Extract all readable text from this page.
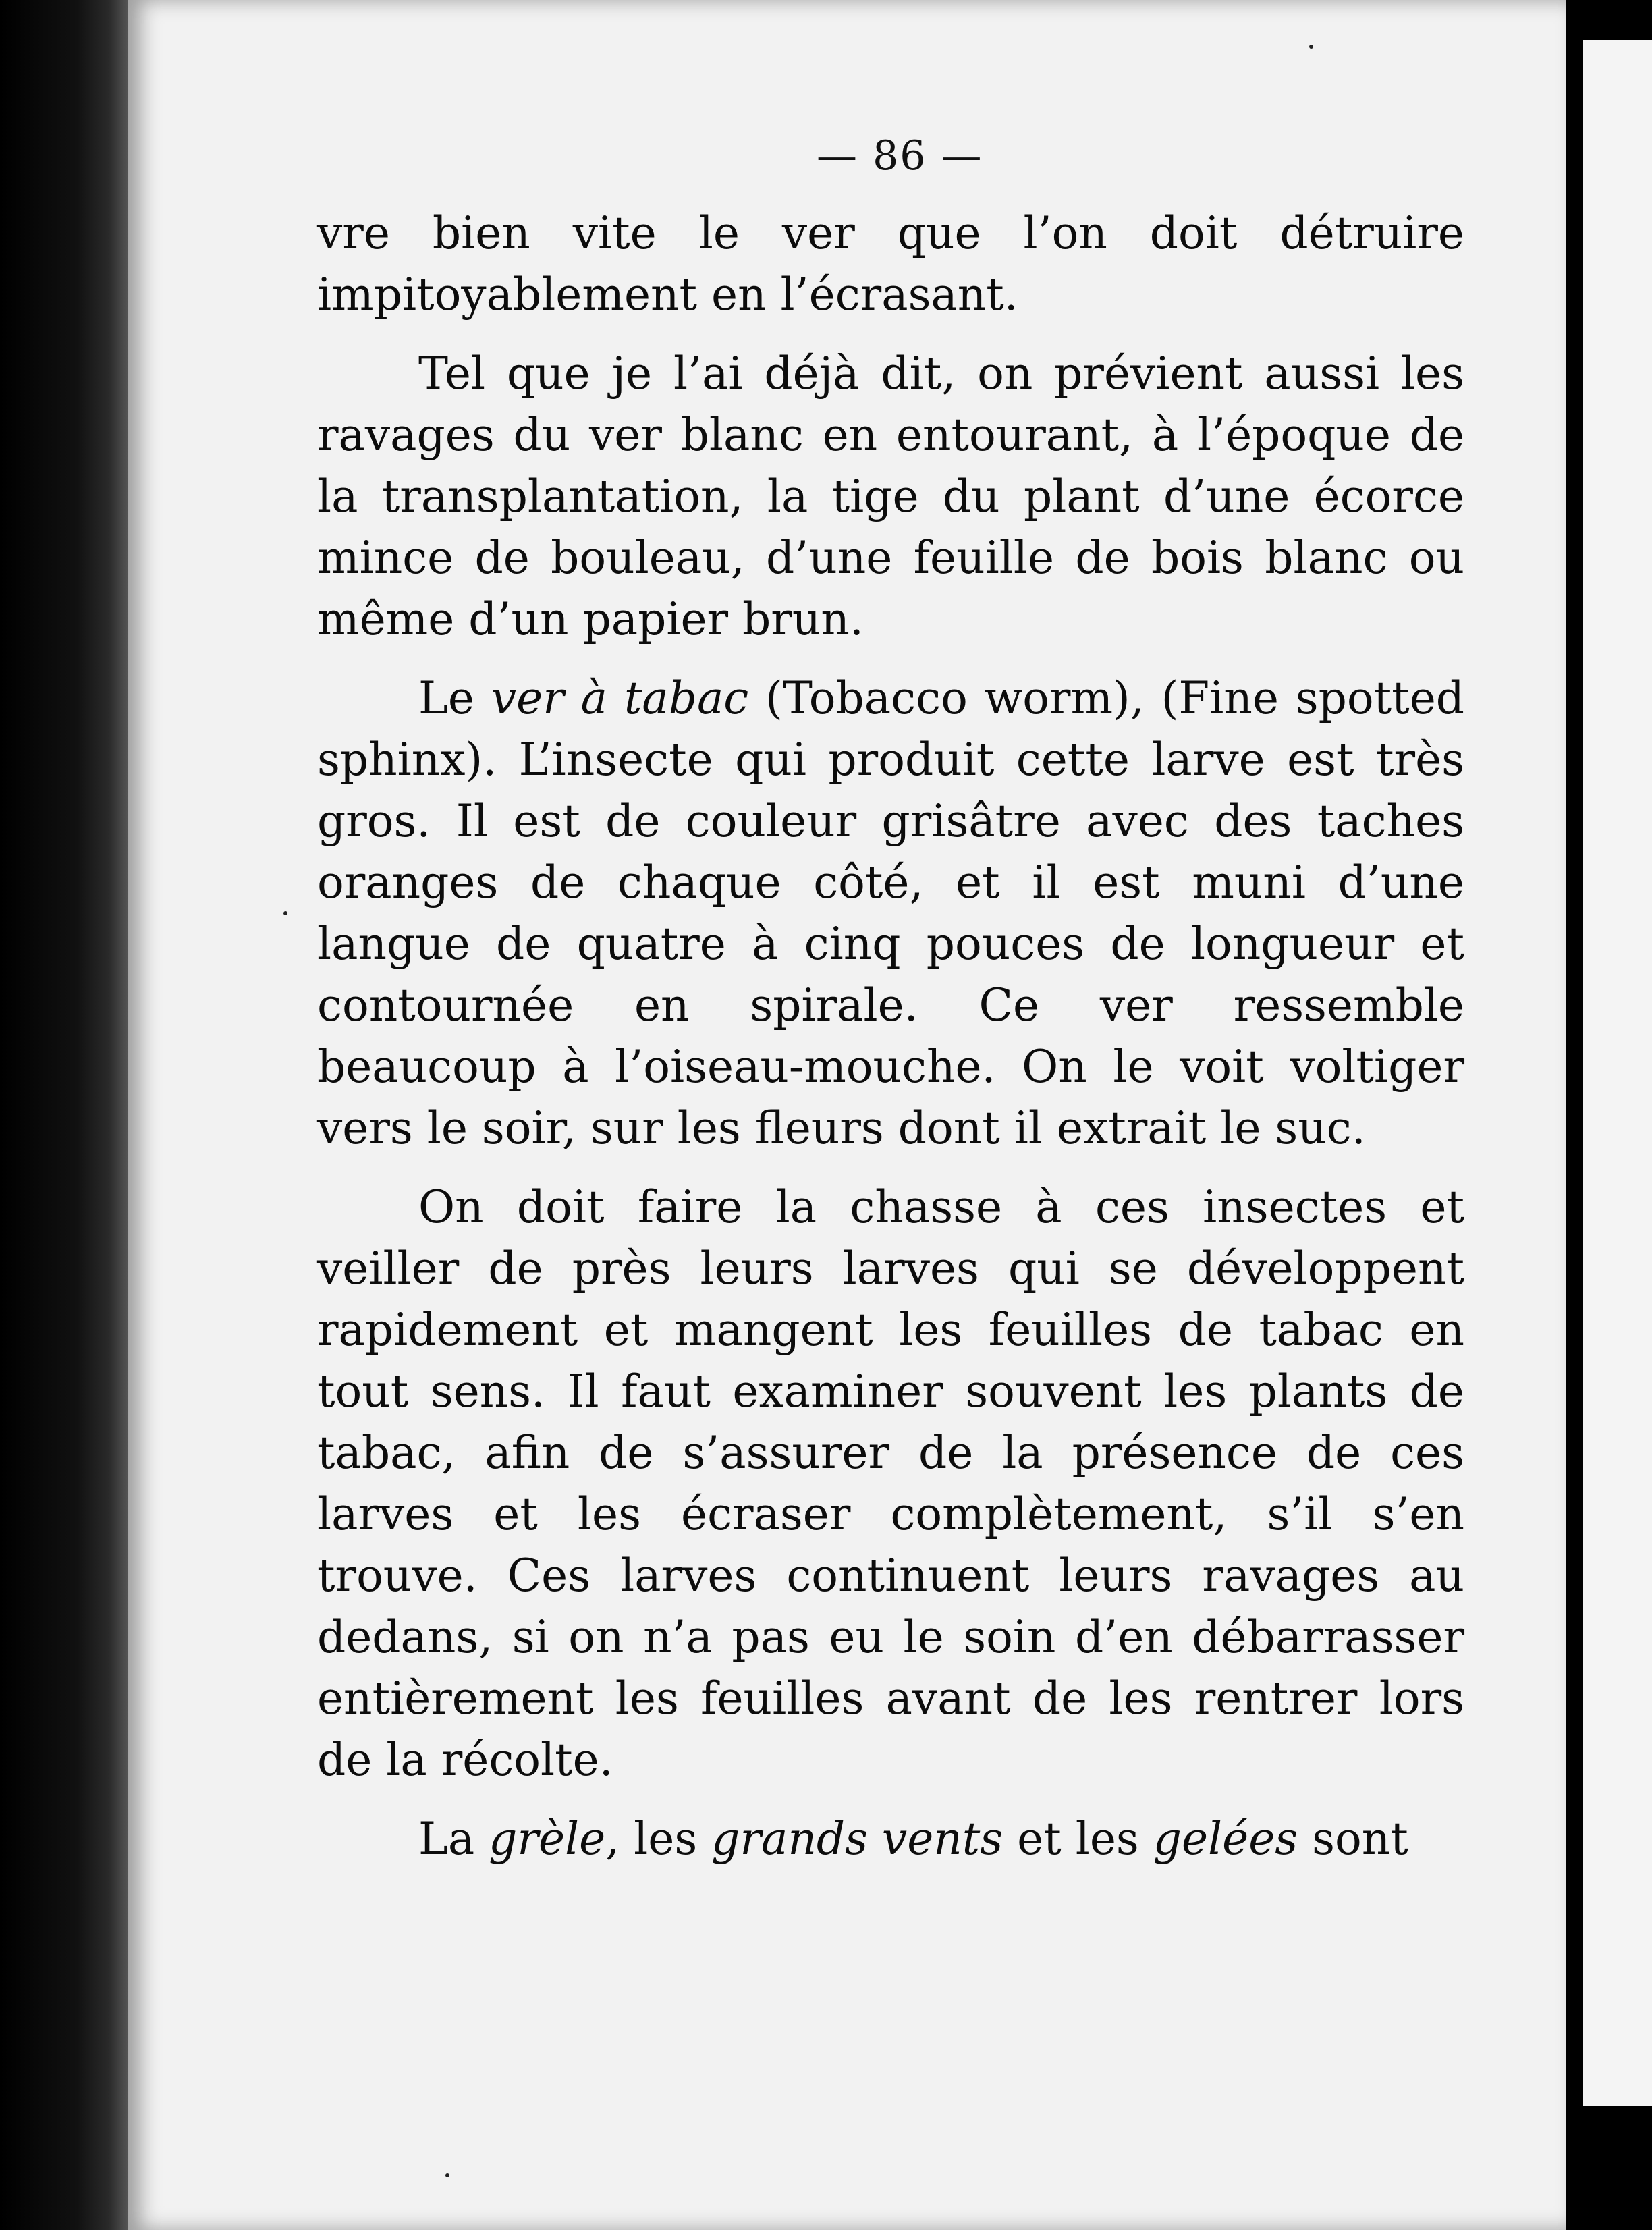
— 86 —

vre bien vite le ver que l’on doit détruire impitoyablement en l’écrasant.

Tel que je l’ai déjà dit, on prévient aussi les ravages du ver blanc en entourant, à l’époque de la transplantation, la tige du plant d’une écorce mince de bouleau, d’une feuille de bois blanc ou même d’un papier brun.

Le ver à tabac (Tobacco worm), (Fine spotted sphinx). L’insecte qui produit cette larve est très gros. Il est de couleur grisâtre avec des taches oranges de chaque côté, et il est muni d’une langue de quatre à cinq pouces de longueur et contournée en spirale. Ce ver ressemble beaucoup à l’oiseau-mouche. On le voit voltiger vers le soir, sur les fleurs dont il extrait le suc.

On doit faire la chasse à ces insectes et veiller de près leurs larves qui se développent rapidement et mangent les feuilles de tabac en tout sens. Il faut examiner souvent les plants de tabac, afin de s’assurer de la présence de ces larves et les écraser complètement, s’il s’en trouve. Ces larves continuent leurs ravages au dedans, si on n’a pas eu le soin d’en débarrasser entièrement les feuilles avant de les rentrer lors de la récolte.

La grèle, les grands vents et les gelées sont
